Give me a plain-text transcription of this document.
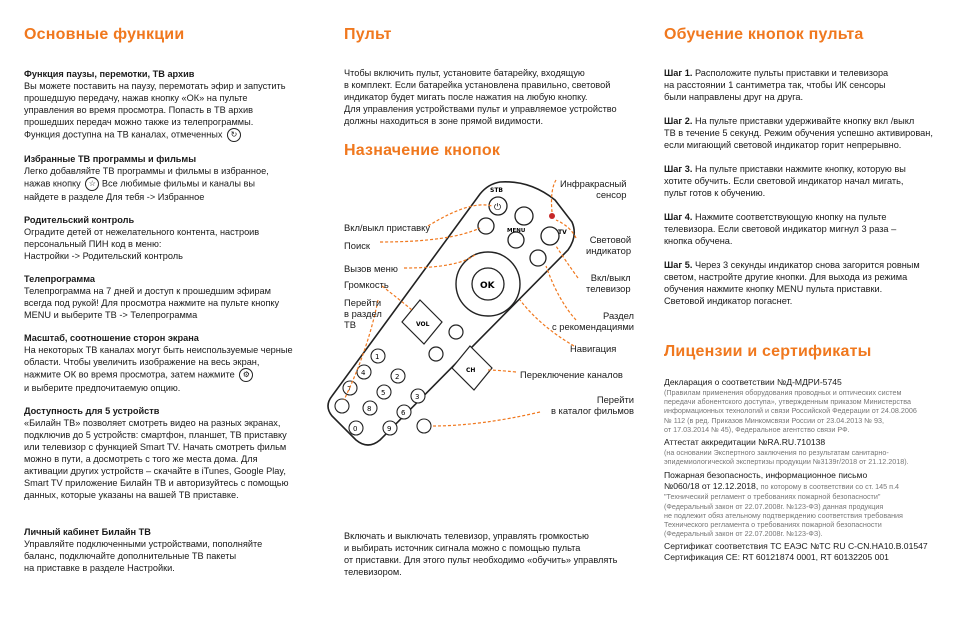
Основные функции
Функция паузы, перемотки, ТВ архив

Вы можете поставить на паузу, перемотать эфир и запустить

прошедшую передачу, нажав кнопку «ОК» на пульте

управления во время просмотра. Попасть в ТВ архив

прошедших передач можно также из телепрограммы.

Функция доступна на ТВ каналах, отмеченных ↻

Избранные ТВ программы и фильмы

Легко добавляйте ТВ программы и фильмы в избранное,

нажав кнопку ☆ Все любимые фильмы и каналы вы

найдете в разделе Для тебя -> Избранное

Родительский контроль

Оградите детей от нежелательного контента, настроив

персональный ПИН код в меню:

Настройки -> Родительский контроль

Телепрограмма

Телепрограмма на 7 дней и доступ к прошедшим эфирам

всегда под рукой! Для просмотра нажмите на пульте кнопку

MENU и выберите ТВ -> Телепрограмма

Масштаб, соотношение сторон экрана

На некоторых ТВ каналах могут быть неиспользуемые черные

области. Чтобы увеличить изображение на весь экран,

нажмите ОК во время просмотра, затем нажмите ⚙

и выберите предпочитаемую опцию.

Доступность для 5 устройств

«Билайн ТВ» позволяет смотреть видео на разных экранах,

подключив до 5 устройств: смартфон, планшет, ТВ приставку

или телевизор с функцией Smart TV. Начать смотреть фильм

можно в пути, а досмотреть с того же места дома. Для

активации других устройств – скачайте в iTunes, Google Play,

Smart TV приложение Билайн ТВ и авторизуйтесь с помощью

данных, которые указаны на вашей ТВ приставке.

Личный кабинет Билайн ТВ

Управляйте подключенными устройствами, пополняйте

баланс, подключайте дополнительные ТВ пакеты

на приставке в разделе Настройки.

Пульт

Чтобы включить пульт, установите батарейку, входящую

в комплект. Если батарейка установлена правильно, световой

индикатор будет мигать после нажатия на любую кнопку.

Для управления устройствами пульт и управляемое устройство

должны находиться в зоне прямой видимости.

Назначение кнопок
⏻
STB
TV
MENU
OK
VOL
CH
1
2
3
4
5
6
7
8
9
0
Инфракрасный
сенсор
Вкл/выкл приставку
Поиск
Световой
индикатор
Вызов меню
Вкл/выкл
телевизор
Громкость
Перейти
в раздел
ТВ
Раздел
с рекомендациями
Навигация
Переключение каналов
Перейти
в каталог фильмов

Включать и выключать телевизор, управлять громкостью

и выбирать источник сигнала можно с помощью пульта

от приставки. Для этого пульт необходимо «обучить» управлять

телевизором.

Обучение кнопок пульта

Шаг 1. Расположите пульты приставки и телевизора

на расстоянии 1 сантиметра так, чтобы ИК сенсоры

были направлены друг на друга.

Шаг 2. На пульте приставки удерживайте кнопку вкл /выкл

ТВ в течение 5 секунд. Режим обучения успешно активирован,

если мигающий световой индикатор горит непрерывно.

Шаг 3. На пульте приставки нажмите кнопку, которую вы

хотите обучить. Если световой индикатор начал мигать,

пульт готов к обучению.

Шаг 4. Нажмите соответствующую кнопку на пульте

телевизора. Если световой индикатор мигнул 3 раза –

кнопка обучена.

Шаг 5. Через 3 секунды индикатор снова загорится ровным

светом, настройте другие кнопки. Для выхода из режима

обучения нажмите кнопку MENU пульта приставки.

Световой индикатор погаснет.

Лицензии и сертификаты

Декларация о соответствии №Д-МДРИ-5745

(Правилам применения оборудования проводных и оптических систем

передачи абонентского доступа», утвержденным приказом Министерства

информационных технологий и связи Российской Федерации от 24.08.2006

№ 112 (в ред. Приказов Минкомсвязи России от 23.04.2013 № 93,

от 17.03.2014 № 45), Федеральное агентство связи РФ.

Аттестат аккредитации №RA.RU.710138

(на основании Экспертного заключения по результатам санитарно-

эпидемиологической экспертизы продукции №3139г/2018 от 21.12.2018).

Пожарная безопасность, информационное письмо

№060/18 от 12.12.2018, по которому в соответствии со ст. 145 п.4

"Технический регламент о требованиях пожарной безопасности"

(Федеральный закон от 22.07.2008г. №123-ФЗ) данная продукция

не подлежит обяз ательному подтверждению соответствия требования

Технического регламента о требованиях пожарной безопасности

(Федеральный закон от 22.07.2008г. №123-ФЗ).

Сертификат соответствия ТС ЕАЭС №ТС RU C-CN.HA10.B.01547

Сертификация CE: RT 60121874 0001, RT 60132205 001
